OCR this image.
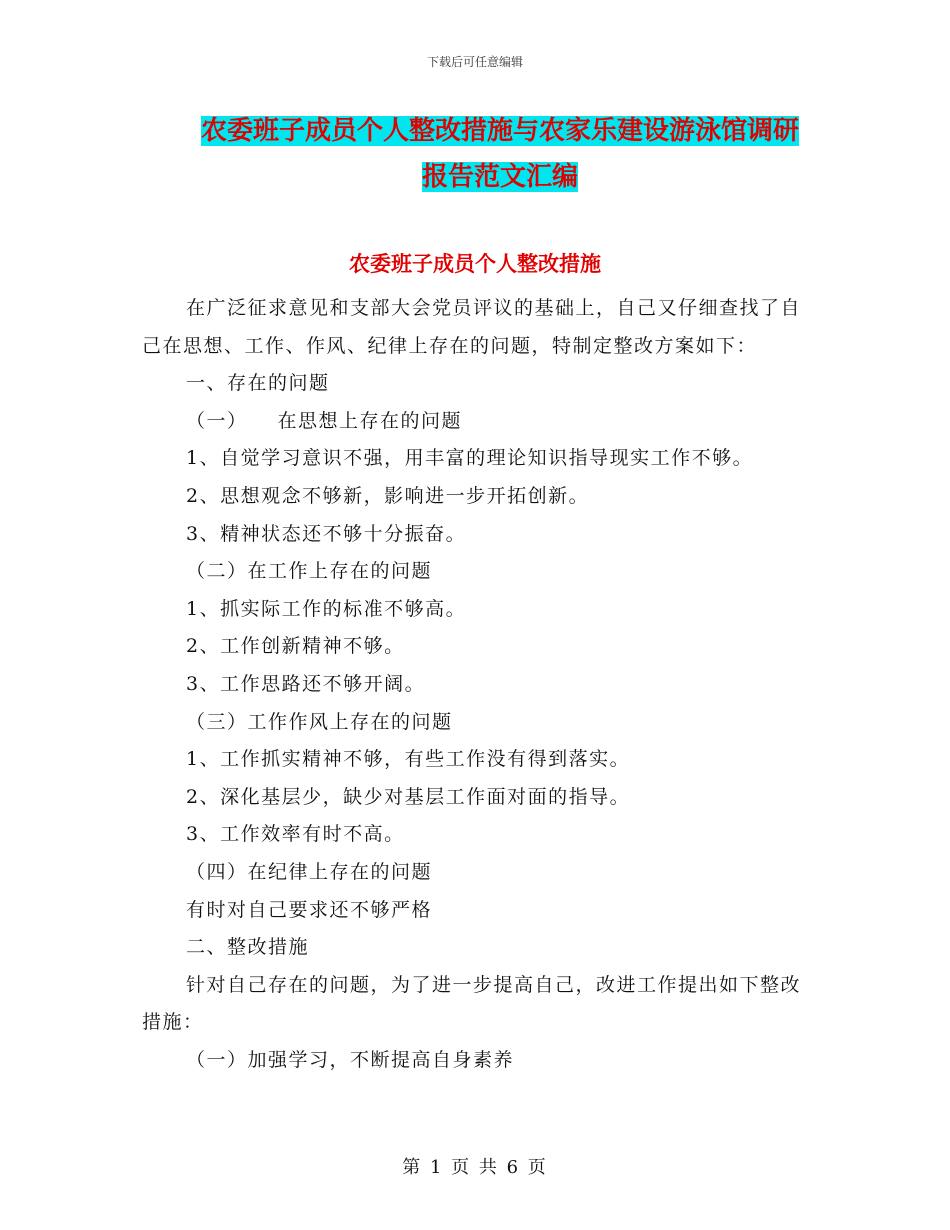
下载后可任意编辑
农委班子成员个人整改措施与农家乐建设游泳馆调研
报告范文汇编
农委班子成员个人整改措施

在广泛征求意见和支部大会党员评议的基础上，自己又仔细查找了自己在思想、工作、作风、纪律上存在的问题，特制定整改方案如下：

一、存在的问题

（一） 在思想上存在的问题

1、自觉学习意识不强，用丰富的理论知识指导现实工作不够。

2、思想观念不够新，影响进一步开拓创新。

3、精神状态还不够十分振奋。

（二）在工作上存在的问题

1、抓实际工作的标准不够高。

2、工作创新精神不够。

3、工作思路还不够开阔。

（三）工作作风上存在的问题

1、工作抓实精神不够，有些工作没有得到落实。

2、深化基层少，缺少对基层工作面对面的指导。

3、工作效率有时不高。

（四）在纪律上存在的问题

有时对自己要求还不够严格

二、整改措施

针对自己存在的问题，为了进一步提高自己，改进工作提出如下整改措施：

（一）加强学习，不断提高自身素养

第 1 页 共 6 页
